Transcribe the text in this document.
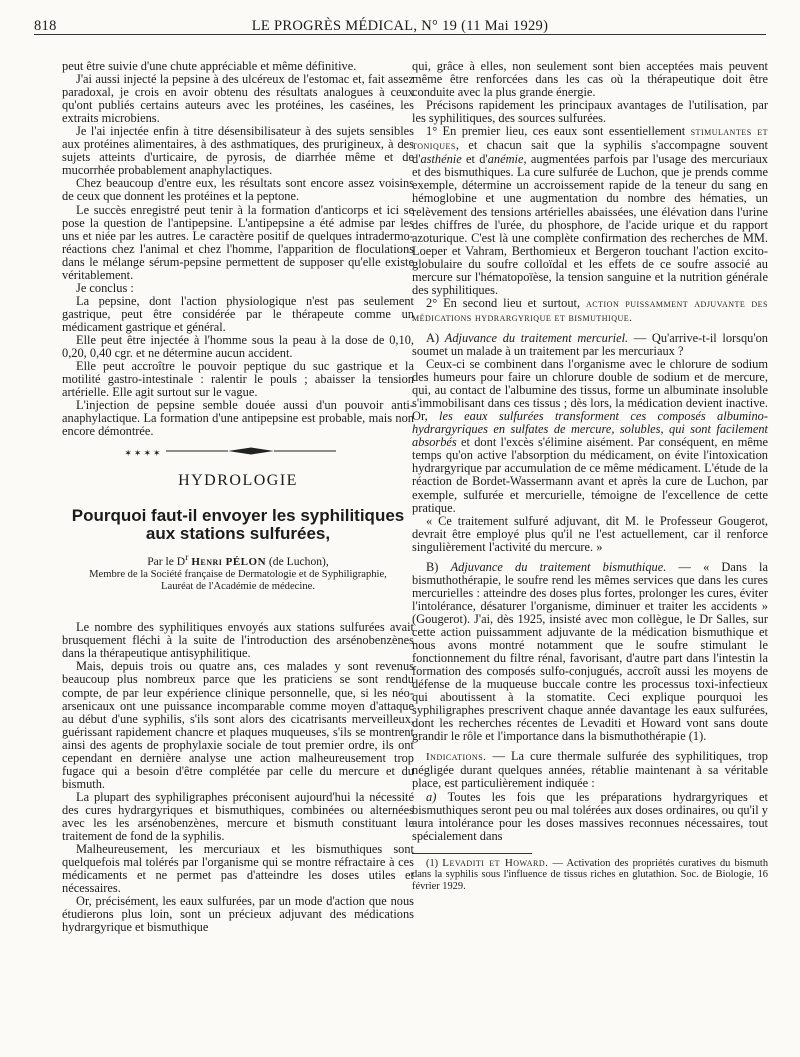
818	LE PROGRÈS MÉDICAL, N° 19 (11 Mai 1929)

peut être suivie d'une chute appréciable et même définitive.

J'ai aussi injecté la pepsine à des ulcéreux de l'estomac et, fait assez paradoxal, je crois en avoir obtenu des résultats analogues à ceux qu'ont publiés certains auteurs avec les protéines, les caséines, les extraits microbiens.

Je l'ai injectée enfin à titre désensibilisateur à des sujets sensibles aux protéines alimentaires, à des asthmatiques, des prurigineux, à des sujets atteints d'urticaire, de pyrosis, de diarrhée même et de mucorrhée probablement anaphylactiques.

Chez beaucoup d'entre eux, les résultats sont encore assez voisins de ceux que donnent les protéines et la peptone.

Le succès enregistré peut tenir à la formation d'anticorps et ici se pose la question de l'antipepsine. L'antipepsine a été admise par les uns et niée par les autres. Le caractère positif de quelques intradermo-réactions chez l'animal et chez l'homme, l'apparition de floculations dans le mélange sérum-pepsine permettent de supposer qu'elle existe véritablement.

Je conclus :

La pepsine, dont l'action physiologique n'est pas seulement gastrique, peut être considérée par le thérapeute comme un médicament gastrique et général.

Elle peut être injectée à l'homme sous la peau à la dose de 0,10, 0,20, 0,40 cgr. et ne détermine aucun accident.

Elle peut accroître le pouvoir peptique du suc gastrique et la motilité gastro-intestinale : ralentir le pouls ; abaisser la tension artérielle. Elle agit surtout sur le vague.

L'injection de pepsine semble douée aussi d'un pouvoir anti-anaphylactique. La formation d'une antipepsine est probable, mais non encore démontrée.

✶✶✶✶
HYDROLOGIE
Pourquoi faut-il envoyer les syphilitiques aux stations sulfurées,
Par le $D^r$ Henri PÉLON (de Luchon),
Membre de la Société française de Dermatologie et de Syphiligraphie,
Lauréat de l'Académie de médecine.

Le nombre des syphilitiques envoyés aux stations sulfurées avait brusquement fléchi à la suite de l'introduction des arsénobenzènes dans la thérapeutique antisyphilitique.

Mais, depuis trois ou quatre ans, ces malades y sont revenus beaucoup plus nombreux parce que les praticiens se sont rendu compte, de par leur expérience clinique personnelle, que, si les néo-arsenicaux ont une puissance incomparable comme moyen d'attaque au début d'une syphilis, s'ils sont alors des cicatrisants merveilleux, guérissant rapidement chancre et plaques muqueuses, s'ils se montrent ainsi des agents de prophylaxie sociale de tout premier ordre, ils ont cependant en dernière analyse une action malheureusement trop fugace qui a besoin d'être complétée par celle du mercure et du bismuth.

La plupart des syphiligraphes préconisent aujourd'hui la nécessité des cures hydrargyriques et bismuthiques, combinées ou alternées avec les les arsénobenzènes, mercure et bismuth constituant le traitement de fond de la syphilis.

Malheureusement, les mercuriaux et les bismuthiques sont quelquefois mal tolérés par l'organisme qui se montre réfractaire à ces médicaments et ne permet pas d'atteindre les doses utiles et nécessaires.

Or, précisément, les eaux sulfurées, par un mode d'action que nous étudierons plus loin, sont un précieux adjuvant des médications hydrargyrique et bismuthique

qui, grâce à elles, non seulement sont bien acceptées mais peuvent même être renforcées dans les cas où la thérapeutique doit être conduite avec la plus grande énergie.

Précisons rapidement les principaux avantages de l'utilisation, par les syphilitiques, des sources sulfurées.

1° En premier lieu, ces eaux sont essentiellement stimulantes et toniques, et chacun sait que la syphilis s'accompagne souvent d'asthénie et d'anémie, augmentées parfois par l'usage des mercuriaux et des bismuthiques. La cure sulfurée de Luchon, que je prends comme exemple, détermine un accroissement rapide de la teneur du sang en hémoglobine et une augmentation du nombre des hématies, un relèvement des tensions artérielles abaissées, une élévation dans l'urine des chiffres de l'urée, du phosphore, de l'acide urique et du rapport azoturique. C'est là une complète confirmation des recherches de MM. Loeper et Vahram, Berthomieux et Bergeron touchant l'action excito-globulaire du soufre colloïdal et les effets de ce soufre associé au mercure sur l'hématopoïèse, la tension sanguine et la nutrition générale des syphilitiques.

2° En second lieu et surtout, action puissamment adjuvante des médications hydrargyrique et bismuthique.

A) Adjuvance du traitement mercuriel. — Qu'arrive-t-il lorsqu'on soumet un malade à un traitement par les mercuriaux ?

Ceux-ci se combinent dans l'organisme avec le chlorure de sodium des humeurs pour faire un chlorure double de sodium et de mercure, qui, au contact de l'albumine des tissus, forme un albuminate insoluble s'immobilisant dans ces tissus ; dès lors, la médication devient inactive. Or, les eaux sulfurées transforment ces composés albumino-hydrargyriques en sulfates de mercure, solubles, qui sont facilement absorbés et dont l'excès s'élimine aisément. Par conséquent, en même temps qu'on active l'absorption du médicament, on évite l'intoxication hydrargyrique par accumulation de ce même médicament. L'étude de la réaction de Bordet-Wassermann avant et après la cure de Luchon, par exemple, sulfurée et mercurielle, témoigne de l'excellence de cette pratique.

« Ce traitement sulfuré adjuvant, dit M. le Professeur Gougerot, devrait être employé plus qu'il ne l'est actuellement, car il renforce singulièrement l'activité du mercure. »

B) Adjuvance du traitement bismuthique. — « Dans la bismuthothérapie, le soufre rend les mêmes services que dans les cures mercurielles : atteindre des doses plus fortes, prolonger les cures, éviter l'intolérance, désaturer l'organisme, diminuer et traiter les accidents » (Gougerot). J'ai, dès 1925, insisté avec mon collègue, le Dr Salles, sur cette action puissamment adjuvante de la médication bismuthique et nous avons montré notamment que le soufre stimulant le fonctionnement du filtre rénal, favorisant, d'autre part dans l'intestin la formation des composés sulfo-conjugués, accroît aussi les moyens de défense de la muqueuse buccale contre les processus toxi-infectieux qui aboutissent à la stomatite. Ceci explique pourquoi les syphiligraphes prescrivent chaque année davantage les eaux sulfurées, dont les recherches récentes de Levaditi et Howard vont sans doute grandir le rôle et l'importance dans la bismuthothérapie (1).

Indications. — La cure thermale sulfurée des syphilitiques, trop négligée durant quelques années, rétablie maintenant à sa véritable place, est particulièrement indiquée :

a) Toutes les fois que les préparations hydrargyriques et bismuthiques seront peu ou mal tolérées aux doses ordinaires, ou qu'il y aura intolérance pour les doses massives reconnues nécessaires, tout spécialement dans

(1) Levaditi et Howard. — Activation des propriétés curatives du bismuth dans la syphilis sous l'influence de tissus riches en glutathion. Soc. de Biologie, 16 février 1929.
